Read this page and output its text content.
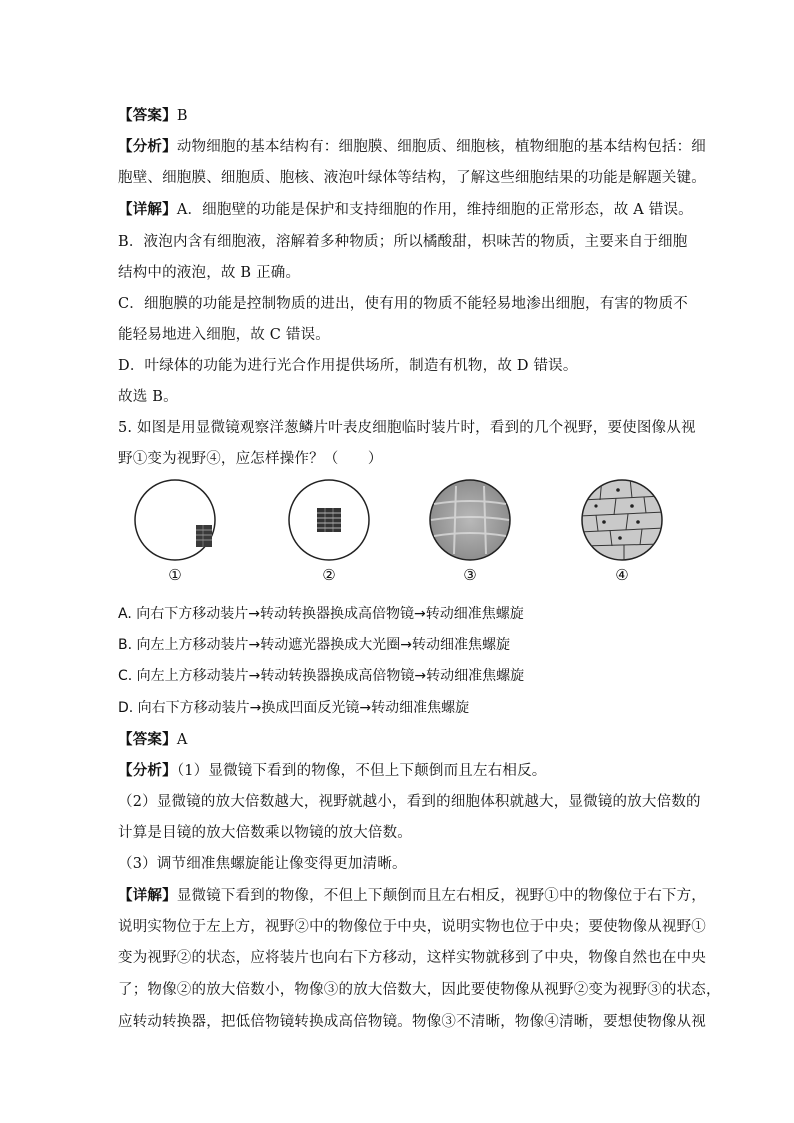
【答案】B
【分析】动物细胞的基本结构有：细胞膜、细胞质、细胞核，植物细胞的基本结构包括：细
胞壁、细胞膜、细胞质、胞核、液泡叶绿体等结构，了解这些细胞结果的功能是解题关键。
【详解】A．细胞壁的功能是保护和支持细胞的作用，维持细胞的正常形态，故 A 错误。
B．液泡内含有细胞液，溶解着多种物质；所以橘酸甜，枳味苦的物质，主要来自于细胞
结构中的液泡，故 B 正确。
C．细胞膜的功能是控制物质的进出，使有用的物质不能轻易地渗出细胞，有害的物质不
能轻易地进入细胞，故 C 错误。
D．叶绿体的功能为进行光合作用提供场所，制造有机物，故 D 错误。
故选 B。
5. 如图是用显微镜观察洋葱鳞片叶表皮细胞临时装片时，看到的几个视野，要使图像从视
野①变为视野④，应怎样操作？（　　）
①	②	③	④
A. 向右下方移动装片→转动转换器换成高倍物镜→转动细准焦螺旋
B. 向左上方移动装片→转动遮光器换成大光圈→转动细准焦螺旋
C. 向左上方移动装片→转动转换器换成高倍物镜→转动细准焦螺旋
D. 向右下方移动装片→换成凹面反光镜→转动细准焦螺旋
【答案】A
【分析】（1）显微镜下看到的物像，不但上下颠倒而且左右相反。
（2）显微镜的放大倍数越大，视野就越小，看到的细胞体积就越大，显微镜的放大倍数的
计算是目镜的放大倍数乘以物镜的放大倍数。
（3）调节细准焦螺旋能让像变得更加清晰。
【详解】显微镜下看到的物像，不但上下颠倒而且左右相反，视野①中的物像位于右下方，
说明实物位于左上方，视野②中的物像位于中央，说明实物也位于中央；要使物像从视野①
变为视野②的状态，应将装片也向右下方移动，这样实物就移到了中央，物像自然也在中央
了；物像②的放大倍数小，物像③的放大倍数大，因此要使物像从视野②变为视野③的状态，
应转动转换器，把低倍物镜转换成高倍物镜。物像③不清晰，物像④清晰，要想使物像从视
